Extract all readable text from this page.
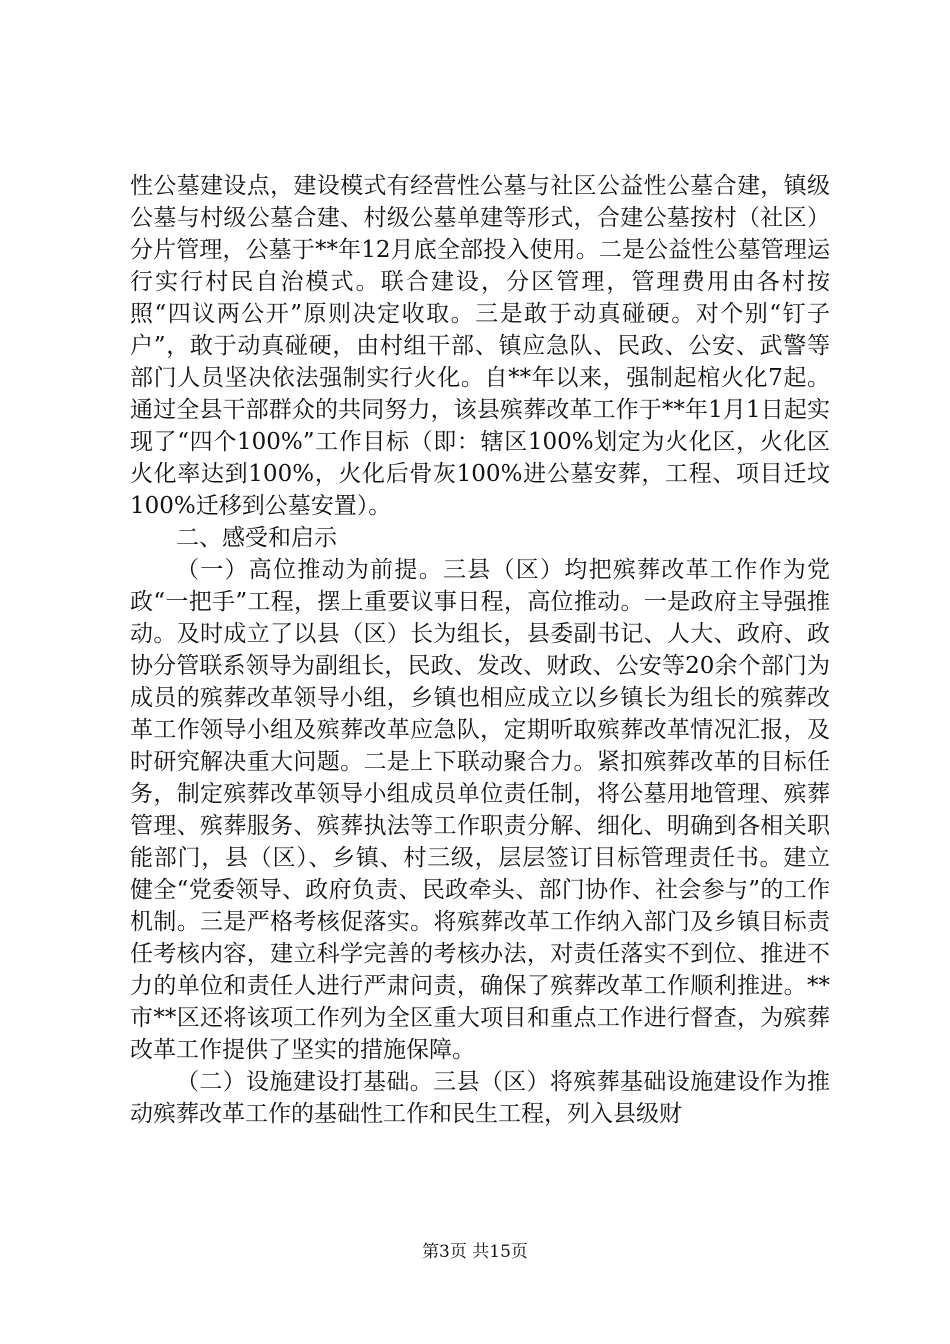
性公墓建设点，建设模式有经营性公墓与社区公益性公墓合建，镇级公墓与村级公墓合建、村级公墓单建等形式，合建公墓按村（社区）分片管理，公墓于**年12月底全部投入使用。二是公益性公墓管理运行实行村民自治模式。联合建设，分区管理，管理费用由各村按照“四议两公开”原则决定收取。三是敢于动真碰硬。对个别“钉子户”，敢于动真碰硬，由村组干部、镇应急队、民政、公安、武警等部门人员坚决依法强制实行火化。自**年以来，强制起棺火化7起。通过全县干部群众的共同努力，该县殡葬改革工作于**年1月1日起实现了“四个100%”工作目标（即：辖区100%划定为火化区，火化区火化率达到100%，火化后骨灰100%进公墓安葬，工程、项目迁坟100%迁移到公墓安置）。

二、感受和启示

（一）高位推动为前提。三县（区）均把殡葬改革工作作为党政“一把手”工程，摆上重要议事日程，高位推动。一是政府主导强推动。及时成立了以县（区）长为组长，县委副书记、人大、政府、政协分管联系领导为副组长，民政、发改、财政、公安等20余个部门为成员的殡葬改革领导小组，乡镇也相应成立以乡镇长为组长的殡葬改革工作领导小组及殡葬改革应急队，定期听取殡葬改革情况汇报，及时研究解决重大问题。二是上下联动聚合力。紧扣殡葬改革的目标任务，制定殡葬改革领导小组成员单位责任制，将公墓用地管理、殡葬管理、殡葬服务、殡葬执法等工作职责分解、细化、明确到各相关职能部门，县（区）、乡镇、村三级，层层签订目标管理责任书。建立健全“党委领导、政府负责、民政牵头、部门协作、社会参与”的工作机制。三是严格考核促落实。将殡葬改革工作纳入部门及乡镇目标责任考核内容，建立科学完善的考核办法，对责任落实不到位、推进不力的单位和责任人进行严肃问责，确保了殡葬改革工作顺利推进。**市**区还将该项工作列为全区重大项目和重点工作进行督查，为殡葬改革工作提供了坚实的措施保障。

（二）设施建设打基础。三县（区）将殡葬基础设施建设作为推动殡葬改革工作的基础性工作和民生工程，列入县级财

第3页 共15页
